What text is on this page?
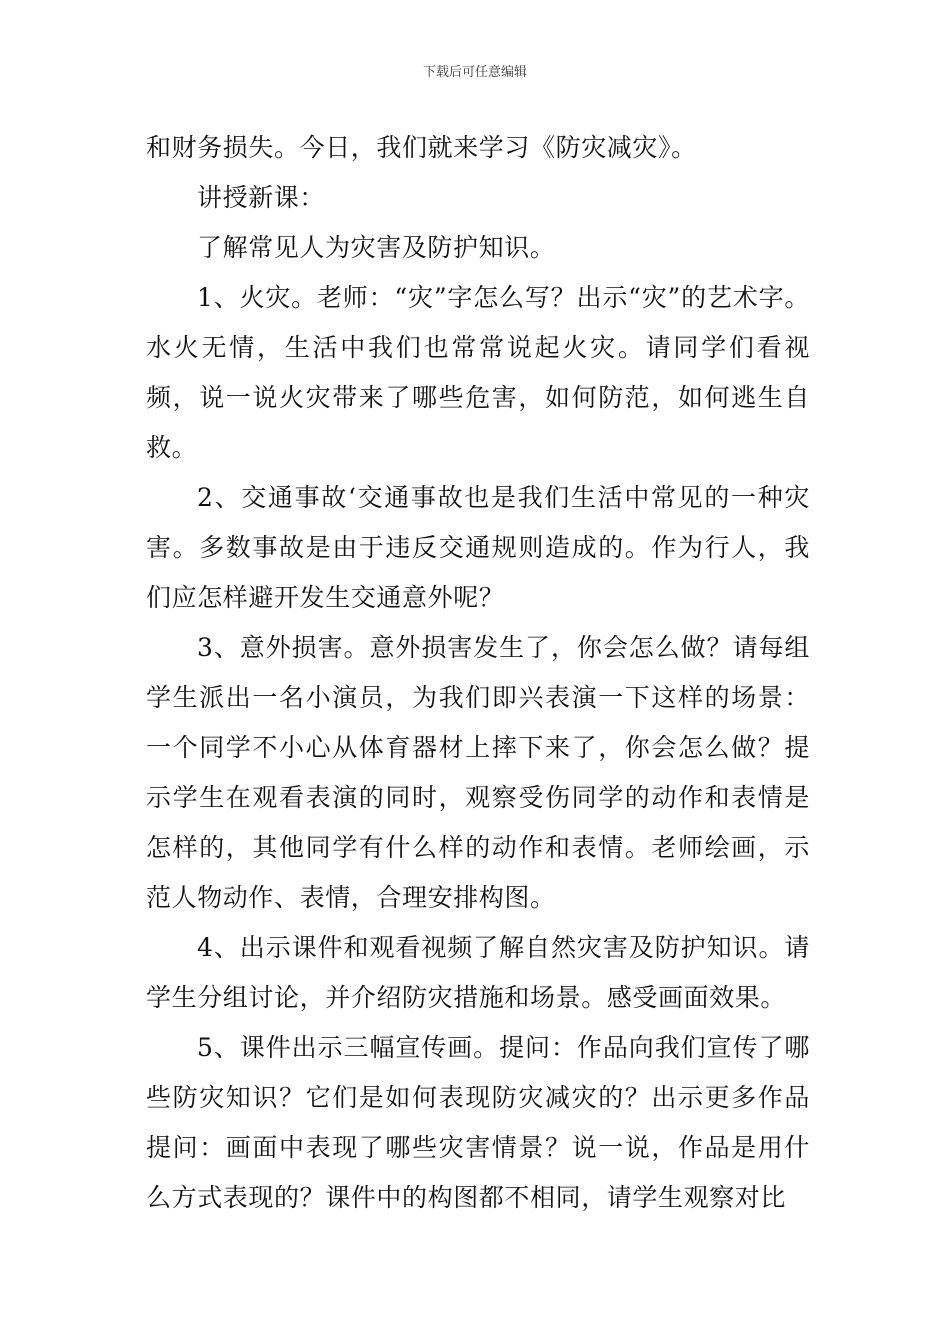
下载后可任意编辑

和财务损失。今日，我们就来学习《防灾减灾》。

讲授新课：

了解常见人为灾害及防护知识。

1、火灾。老师：“灾”字怎么写？出示“灾”的艺术字。水火无情，生活中我们也常常说起火灾。请同学们看视频，说一说火灾带来了哪些危害，如何防范，如何逃生自救。

2、交通事故‘交通事故也是我们生活中常见的一种灾害。多数事故是由于违反交通规则造成的。作为行人，我们应怎样避开发生交通意外呢？

3、意外损害。意外损害发生了，你会怎么做？请每组学生派出一名小演员，为我们即兴表演一下这样的场景：一个同学不小心从体育器材上摔下来了，你会怎么做？提示学生在观看表演的同时，观察受伤同学的动作和表情是怎样的，其他同学有什么样的动作和表情。老师绘画，示范人物动作、表情，合理安排构图。

4、出示课件和观看视频了解自然灾害及防护知识。请学生分组讨论，并介绍防灾措施和场景。感受画面效果。

5、课件出示三幅宣传画。提问：作品向我们宣传了哪些防灾知识？它们是如何表现防灾减灾的？出示更多作品提问：画面中表现了哪些灾害情景？说一说，作品是用什么方式表现的？课件中的构图都不相同，请学生观察对比
